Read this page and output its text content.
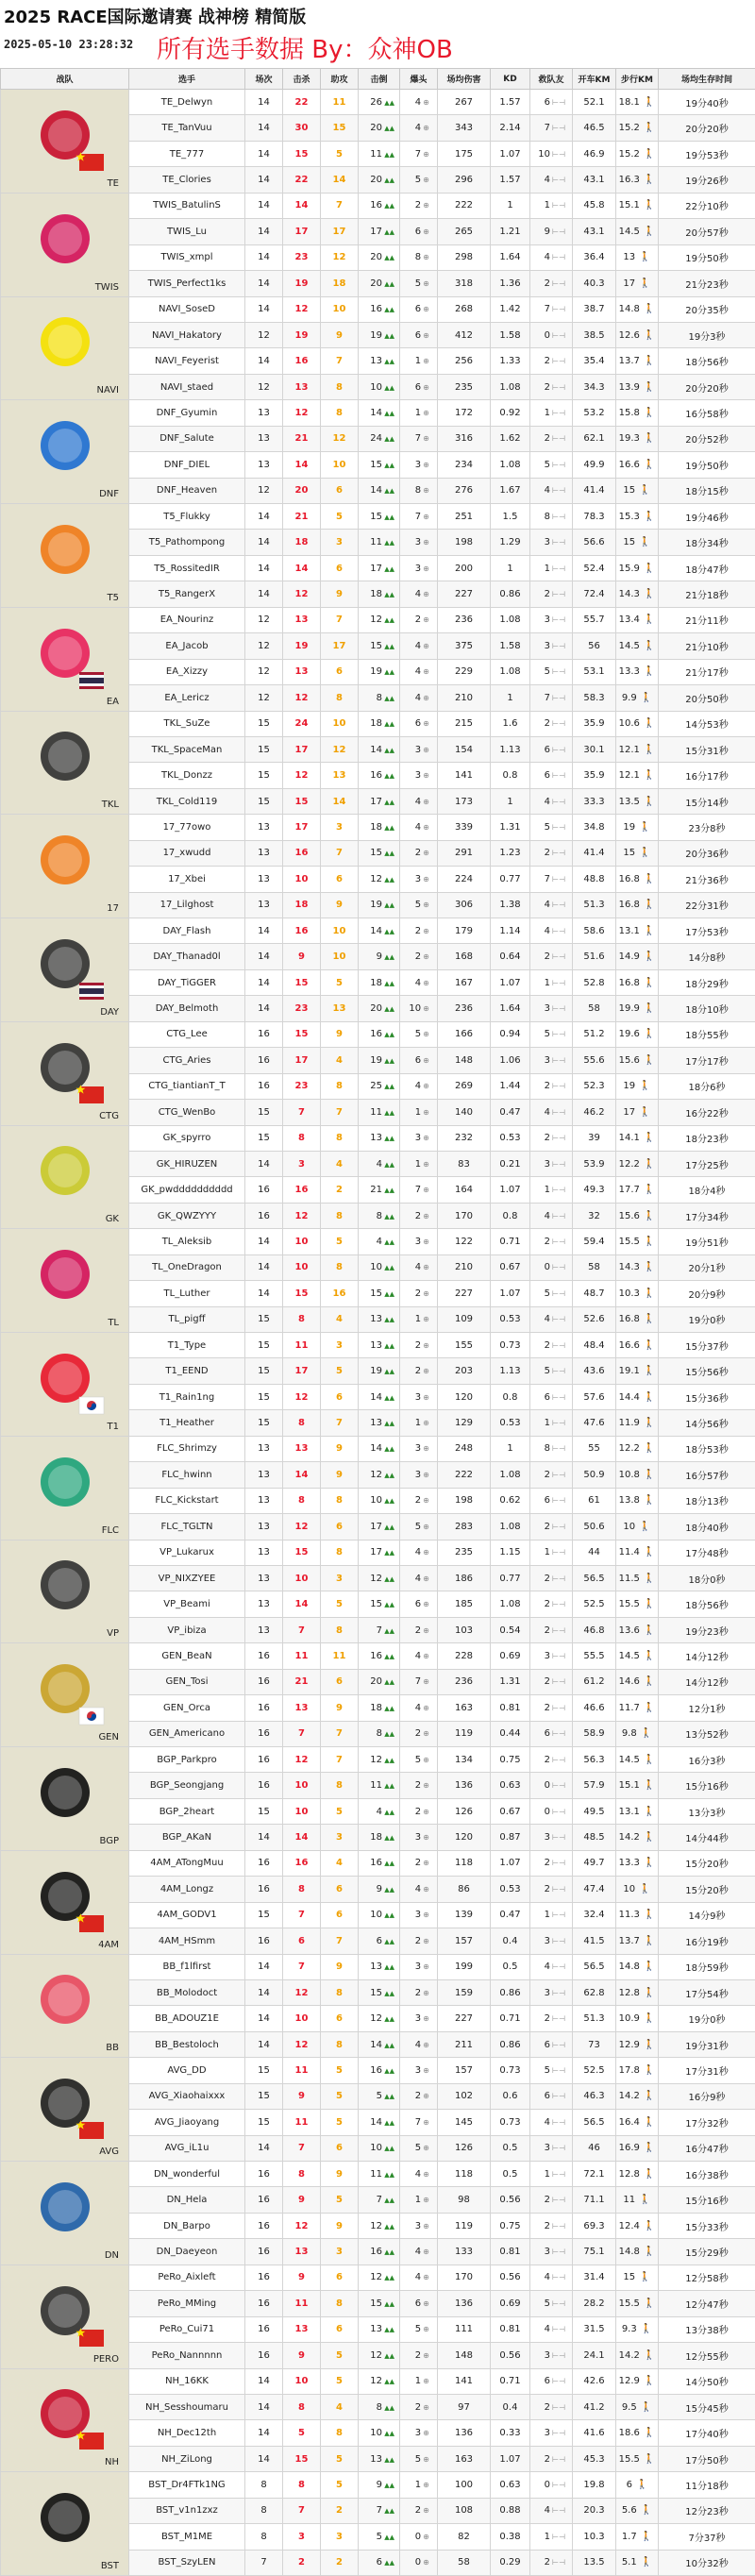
2025 RACE国际邀请赛 战神榜 精简版
2025-05-10 23:28:32 所有选手数据 By：众神OB
战队	选手	场次	击杀	助攻	击倒	爆头	场均伤害	KD	救队友	开车KM	步行KM	场均生存时间

TE	TE_Delwyn	14	22	11	26 ▲▲	4 ⊕	267	1.57	6 ⊢⊣	52.1	18.1 🚶	19分40秒
	TE_TanVuu	14	30	15	20 ▲▲	4 ⊕	343	2.14	7 ⊢⊣	46.5	15.2 🚶	20分20秒
	TE_777	14	15	5	11 ▲▲	7 ⊕	175	1.07	10 ⊢⊣	46.9	15.2 🚶	19分53秒
	TE_Clories	14	22	14	20 ▲▲	5 ⊕	296	1.57	4 ⊢⊣	43.1	16.3 🚶	19分26秒

TWIS	TWIS_BatulinS	14	14	7	16 ▲▲	2 ⊕	222	1	1 ⊢⊣	45.8	15.1 🚶	22分10秒
	TWIS_Lu	14	17	17	17 ▲▲	6 ⊕	265	1.21	9 ⊢⊣	43.1	14.5 🚶	20分57秒
	TWIS_xmpl	14	23	12	20 ▲▲	8 ⊕	298	1.64	4 ⊢⊣	36.4	13 🚶	19分50秒
	TWIS_Perfect1ks	14	19	18	20 ▲▲	5 ⊕	318	1.36	2 ⊢⊣	40.3	17 🚶	21分23秒

NAVI	NAVI_SoseD	14	12	10	16 ▲▲	6 ⊕	268	1.42	7 ⊢⊣	38.7	14.8 🚶	20分35秒
	NAVI_Hakatory	12	19	9	19 ▲▲	6 ⊕	412	1.58	0 ⊢⊣	38.5	12.6 🚶	19分3秒
	NAVI_Feyerist	14	16	7	13 ▲▲	1 ⊕	256	1.33	2 ⊢⊣	35.4	13.7 🚶	18分56秒
	NAVI_staed	12	13	8	10 ▲▲	6 ⊕	235	1.08	2 ⊢⊣	34.3	13.9 🚶	20分20秒

DNF	DNF_Gyumin	13	12	8	14 ▲▲	1 ⊕	172	0.92	1 ⊢⊣	53.2	15.8 🚶	16分58秒
	DNF_Salute	13	21	12	24 ▲▲	7 ⊕	316	1.62	2 ⊢⊣	62.1	19.3 🚶	20分52秒
	DNF_DIEL	13	14	10	15 ▲▲	3 ⊕	234	1.08	5 ⊢⊣	49.9	16.6 🚶	19分50秒
	DNF_Heaven	12	20	6	14 ▲▲	8 ⊕	276	1.67	4 ⊢⊣	41.4	15 🚶	18分15秒

T5	T5_Flukky	14	21	5	15 ▲▲	7 ⊕	251	1.5	8 ⊢⊣	78.3	15.3 🚶	19分46秒
	T5_Pathompong	14	18	3	11 ▲▲	3 ⊕	198	1.29	3 ⊢⊣	56.6	15 🚶	18分34秒
	T5_RossitedIR	14	14	6	17 ▲▲	3 ⊕	200	1	1 ⊢⊣	52.4	15.9 🚶	18分47秒
	T5_RangerX	14	12	9	18 ▲▲	4 ⊕	227	0.86	2 ⊢⊣	72.4	14.3 🚶	21分18秒

EA	EA_Nourinz	12	13	7	12 ▲▲	2 ⊕	236	1.08	3 ⊢⊣	55.7	13.4 🚶	21分11秒
	EA_Jacob	12	19	17	15 ▲▲	4 ⊕	375	1.58	3 ⊢⊣	56	14.5 🚶	21分10秒
	EA_Xizzy	12	13	6	19 ▲▲	4 ⊕	229	1.08	5 ⊢⊣	53.1	13.3 🚶	21分17秒
	EA_Lericz	12	12	8	8 ▲▲	4 ⊕	210	1	7 ⊢⊣	58.3	9.9 🚶	20分50秒

TKL	TKL_SuZe	15	24	10	18 ▲▲	6 ⊕	215	1.6	2 ⊢⊣	35.9	10.6 🚶	14分53秒
	TKL_SpaceMan	15	17	12	14 ▲▲	3 ⊕	154	1.13	6 ⊢⊣	30.1	12.1 🚶	15分31秒
	TKL_Donzz	15	12	13	16 ▲▲	3 ⊕	141	0.8	6 ⊢⊣	35.9	12.1 🚶	16分17秒
	TKL_Cold119	15	15	14	17 ▲▲	4 ⊕	173	1	4 ⊢⊣	33.3	13.5 🚶	15分14秒

17	17_77owo	13	17	3	18 ▲▲	4 ⊕	339	1.31	5 ⊢⊣	34.8	19 🚶	23分8秒
	17_xwudd	13	16	7	15 ▲▲	2 ⊕	291	1.23	2 ⊢⊣	41.4	15 🚶	20分36秒
	17_Xbei	13	10	6	12 ▲▲	3 ⊕	224	0.77	7 ⊢⊣	48.8	16.8 🚶	21分36秒
	17_Lilghost	13	18	9	19 ▲▲	5 ⊕	306	1.38	4 ⊢⊣	51.3	16.8 🚶	22分31秒

DAY	DAY_Flash	14	16	10	14 ▲▲	2 ⊕	179	1.14	4 ⊢⊣	58.6	13.1 🚶	17分53秒
	DAY_Thanad0l	14	9	10	9 ▲▲	2 ⊕	168	0.64	2 ⊢⊣	51.6	14.9 🚶	14分8秒
	DAY_TiGGER	14	15	5	18 ▲▲	4 ⊕	167	1.07	1 ⊢⊣	52.8	16.8 🚶	18分29秒
	DAY_Belmoth	14	23	13	20 ▲▲	10 ⊕	236	1.64	3 ⊢⊣	58	19.9 🚶	18分10秒

CTG	CTG_Lee	16	15	9	16 ▲▲	5 ⊕	166	0.94	5 ⊢⊣	51.2	19.6 🚶	18分55秒
	CTG_Aries	16	17	4	19 ▲▲	6 ⊕	148	1.06	3 ⊢⊣	55.6	15.6 🚶	17分17秒
	CTG_tiantianT_T	16	23	8	25 ▲▲	4 ⊕	269	1.44	2 ⊢⊣	52.3	19 🚶	18分6秒
	CTG_WenBo	15	7	7	11 ▲▲	1 ⊕	140	0.47	4 ⊢⊣	46.2	17 🚶	16分22秒

GK	GK_spyrro	15	8	8	13 ▲▲	3 ⊕	232	0.53	2 ⊢⊣	39	14.1 🚶	18分23秒
	GK_HIRUZEN	14	3	4	4 ▲▲	1 ⊕	83	0.21	3 ⊢⊣	53.9	12.2 🚶	17分25秒
	GK_pwdddddddddd	16	16	2	21 ▲▲	7 ⊕	164	1.07	1 ⊢⊣	49.3	17.7 🚶	18分4秒
	GK_QWZYYY	16	12	8	8 ▲▲	2 ⊕	170	0.8	4 ⊢⊣	32	15.6 🚶	17分34秒

TL	TL_Aleksib	14	10	5	4 ▲▲	3 ⊕	122	0.71	2 ⊢⊣	59.4	15.5 🚶	19分51秒
	TL_OneDragon	14	10	8	10 ▲▲	4 ⊕	210	0.67	0 ⊢⊣	58	14.3 🚶	20分1秒
	TL_Luther	14	15	16	15 ▲▲	2 ⊕	227	1.07	5 ⊢⊣	48.7	10.3 🚶	20分9秒
	TL_pigff	15	8	4	13 ▲▲	1 ⊕	109	0.53	4 ⊢⊣	52.6	16.8 🚶	19分0秒

T1	T1_Type	15	11	3	13 ▲▲	2 ⊕	155	0.73	2 ⊢⊣	48.4	16.6 🚶	15分37秒
	T1_EEND	15	17	5	19 ▲▲	2 ⊕	203	1.13	5 ⊢⊣	43.6	19.1 🚶	15分56秒
	T1_Rain1ng	15	12	6	14 ▲▲	3 ⊕	120	0.8	6 ⊢⊣	57.6	14.4 🚶	15分36秒
	T1_Heather	15	8	7	13 ▲▲	1 ⊕	129	0.53	1 ⊢⊣	47.6	11.9 🚶	14分56秒

FLC	FLC_Shrimzy	13	13	9	14 ▲▲	3 ⊕	248	1	8 ⊢⊣	55	12.2 🚶	18分53秒
	FLC_hwinn	13	14	9	12 ▲▲	3 ⊕	222	1.08	2 ⊢⊣	50.9	10.8 🚶	16分57秒
	FLC_Kickstart	13	8	8	10 ▲▲	2 ⊕	198	0.62	6 ⊢⊣	61	13.8 🚶	18分13秒
	FLC_TGLTN	13	12	6	17 ▲▲	5 ⊕	283	1.08	2 ⊢⊣	50.6	10 🚶	18分40秒

VP	VP_Lukarux	13	15	8	17 ▲▲	4 ⊕	235	1.15	1 ⊢⊣	44	11.4 🚶	17分48秒
	VP_NIXZYEE	13	10	3	12 ▲▲	4 ⊕	186	0.77	2 ⊢⊣	56.5	11.5 🚶	18分0秒
	VP_Beami	13	14	5	15 ▲▲	6 ⊕	185	1.08	2 ⊢⊣	52.5	15.5 🚶	18分56秒
	VP_ibiza	13	7	8	7 ▲▲	2 ⊕	103	0.54	2 ⊢⊣	46.8	13.6 🚶	19分23秒

GEN	GEN_BeaN	16	11	11	16 ▲▲	4 ⊕	228	0.69	3 ⊢⊣	55.5	14.5 🚶	14分12秒
	GEN_Tosi	16	21	6	20 ▲▲	7 ⊕	236	1.31	2 ⊢⊣	61.2	14.6 🚶	14分12秒
	GEN_Orca	16	13	9	18 ▲▲	4 ⊕	163	0.81	2 ⊢⊣	46.6	11.7 🚶	12分1秒
	GEN_Americano	16	7	7	8 ▲▲	2 ⊕	119	0.44	6 ⊢⊣	58.9	9.8 🚶	13分52秒

BGP	BGP_Parkpro	16	12	7	12 ▲▲	5 ⊕	134	0.75	2 ⊢⊣	56.3	14.5 🚶	16分3秒
	BGP_Seongjang	16	10	8	11 ▲▲	2 ⊕	136	0.63	0 ⊢⊣	57.9	15.1 🚶	15分16秒
	BGP_2heart	15	10	5	4 ▲▲	2 ⊕	126	0.67	0 ⊢⊣	49.5	13.1 🚶	13分3秒
	BGP_AKaN	14	14	3	18 ▲▲	3 ⊕	120	0.87	3 ⊢⊣	48.5	14.2 🚶	14分44秒

4AM	4AM_ATongMuu	16	16	4	16 ▲▲	2 ⊕	118	1.07	2 ⊢⊣	49.7	13.3 🚶	15分20秒
	4AM_Longz	16	8	6	9 ▲▲	4 ⊕	86	0.53	2 ⊢⊣	47.4	10 🚶	15分20秒
	4AM_GODV1	15	7	6	10 ▲▲	3 ⊕	139	0.47	1 ⊢⊣	32.4	11.3 🚶	14分9秒
	4AM_HSmm	16	6	7	6 ▲▲	2 ⊕	157	0.4	3 ⊢⊣	41.5	13.7 🚶	16分19秒

BB	BB_f1lfirst	14	7	9	13 ▲▲	3 ⊕	199	0.5	4 ⊢⊣	56.5	14.8 🚶	18分59秒
	BB_Molodoct	14	12	8	15 ▲▲	2 ⊕	159	0.86	3 ⊢⊣	62.8	12.8 🚶	17分54秒
	BB_ADOUZ1E	14	10	6	12 ▲▲	3 ⊕	227	0.71	2 ⊢⊣	51.3	10.9 🚶	19分0秒
	BB_Bestoloch	14	12	8	14 ▲▲	4 ⊕	211	0.86	6 ⊢⊣	73	12.9 🚶	19分31秒

AVG	AVG_DD	15	11	5	16 ▲▲	3 ⊕	157	0.73	5 ⊢⊣	52.5	17.8 🚶	17分31秒
	AVG_Xiaohaixxx	15	9	5	5 ▲▲	2 ⊕	102	0.6	6 ⊢⊣	46.3	14.2 🚶	16分9秒
	AVG_Jiaoyang	15	11	5	14 ▲▲	7 ⊕	145	0.73	4 ⊢⊣	56.5	16.4 🚶	17分32秒
	AVG_iL1u	14	7	6	10 ▲▲	5 ⊕	126	0.5	3 ⊢⊣	46	16.9 🚶	16分47秒

DN	DN_wonderful	16	8	9	11 ▲▲	4 ⊕	118	0.5	1 ⊢⊣	72.1	12.8 🚶	16分38秒
	DN_Hela	16	9	5	7 ▲▲	1 ⊕	98	0.56	2 ⊢⊣	71.1	11 🚶	15分16秒
	DN_Barpo	16	12	9	12 ▲▲	3 ⊕	119	0.75	2 ⊢⊣	69.3	12.4 🚶	15分33秒
	DN_Daeyeon	16	13	3	16 ▲▲	4 ⊕	133	0.81	3 ⊢⊣	75.1	14.8 🚶	15分29秒

PERO	PeRo_Aixleft	16	9	6	12 ▲▲	4 ⊕	170	0.56	4 ⊢⊣	31.4	15 🚶	12分58秒
	PeRo_MMing	16	11	8	15 ▲▲	6 ⊕	136	0.69	5 ⊢⊣	28.2	15.5 🚶	12分47秒
	PeRo_Cui71	16	13	6	13 ▲▲	5 ⊕	111	0.81	4 ⊢⊣	31.5	9.3 🚶	13分38秒
	PeRo_Nannnnn	16	9	5	12 ▲▲	2 ⊕	148	0.56	3 ⊢⊣	24.1	14.2 🚶	12分55秒

NH	NH_16KK	14	10	5	12 ▲▲	1 ⊕	141	0.71	6 ⊢⊣	42.6	12.9 🚶	14分50秒
	NH_Sesshoumaru	14	8	4	8 ▲▲	2 ⊕	97	0.4	2 ⊢⊣	41.2	9.5 🚶	15分45秒
	NH_Dec12th	14	5	8	10 ▲▲	3 ⊕	136	0.33	3 ⊢⊣	41.6	18.6 🚶	17分40秒
	NH_ZiLong	14	15	5	13 ▲▲	5 ⊕	163	1.07	2 ⊢⊣	45.3	15.5 🚶	17分50秒

BST	BST_Dr4FTk1NG	8	8	5	9 ▲▲	1 ⊕	100	0.63	0 ⊢⊣	19.8	6 🚶	11分18秒
	BST_v1n1zxz	8	7	2	7 ▲▲	2 ⊕	108	0.88	4 ⊢⊣	20.3	5.6 🚶	12分23秒
	BST_M1ME	8	3	3	5 ▲▲	0 ⊕	82	0.38	1 ⊢⊣	10.3	1.7 🚶	7分37秒
	BST_SzyLEN	7	2	2	6 ▲▲	0 ⊕	58	0.29	2 ⊢⊣	13.5	5.1 🚶	10分32秒
